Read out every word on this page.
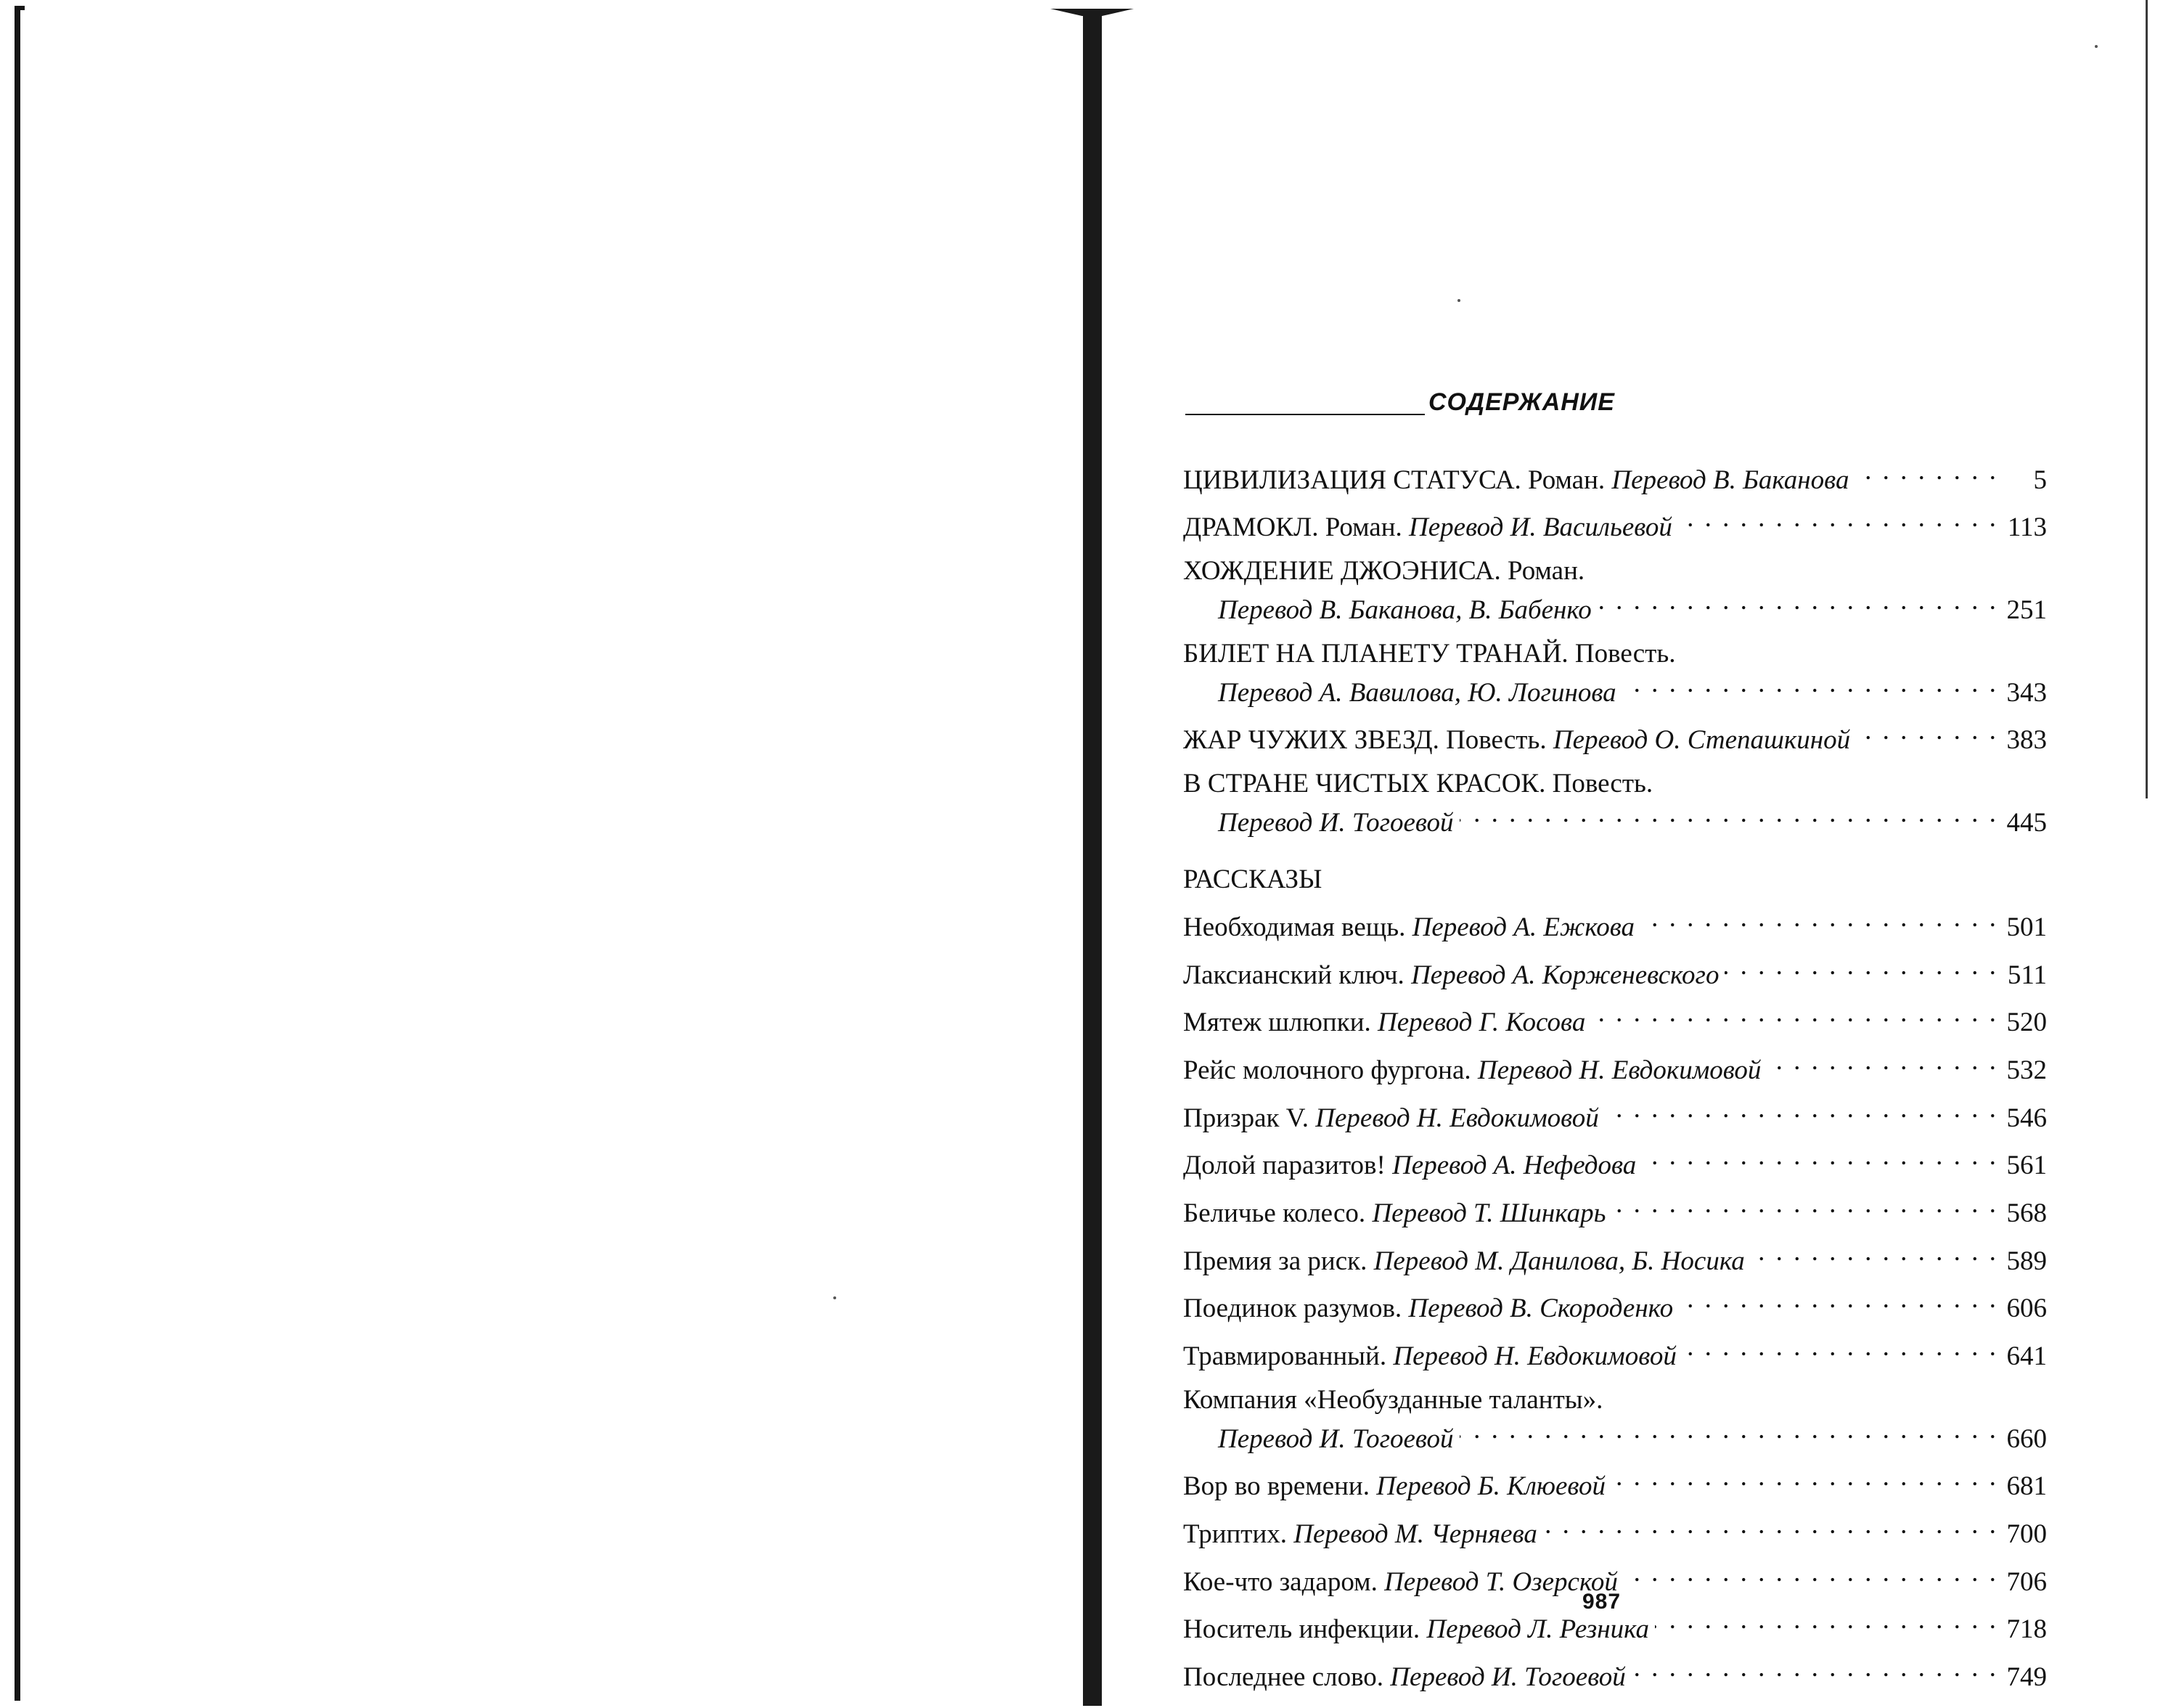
СОДЕРЖАНИЕ
ЦИВИЛИЗАЦИЯ СТАТУСА. Роман.
Перевод В. Баканова . . .	5
ДРАМОКЛ. Роман.
Перевод И. Васильевой . . .	113
ХОЖДЕНИЕ ДЖОЭНИСА. Роман.
Перевод В. Баканова, В. Бабенко . . .	251
БИЛЕТ НА ПЛАНЕТУ ТРАНАЙ. Повесть.
Перевод А. Вавилова, Ю. Логинова . . .	343
ЖАР ЧУЖИХ ЗВЕЗД. Повесть.
Перевод О. Степашкиной . . .	383
В СТРАНЕ ЧИСТЫХ КРАСОК. Повесть.
Перевод И. Тогоевой . . .	445
РАССКАЗЫ
Необходимая вещь.
Перевод А. Ежкова . . .	501
Лаксианский ключ.
Перевод А. Корженевского . . .	511
Мятеж шлюпки.
Перевод Г. Косова . . .	520
Рейс молочного фургона.
Перевод Н. Евдокимовой . . .	532
Призрак V.
Перевод Н. Евдокимовой . . .	546
Долой паразитов!
Перевод А. Нефедова . . .	561
Беличье колесо.
Перевод Т. Шинкарь . . .	568
Премия за риск.
Перевод М. Данилова, Б. Носика . . .	589
Поединок разумов.
Перевод В. Скороденко . . .	606
Травмированный.
Перевод Н. Евдокимовой . . .	641
Компания «Необузданные таланты».
Перевод И. Тогоевой . . .	660
Вор во времени.
Перевод Б. Клюевой . . .	681
Триптих.
Перевод М. Черняева . . .	700
Кое-что задаром.
Перевод Т. Озерской . . .	706
Носитель инфекции.
Перевод Л. Резника . . .	718
Последнее слово.
Перевод И. Тогоевой . . .	749
987
